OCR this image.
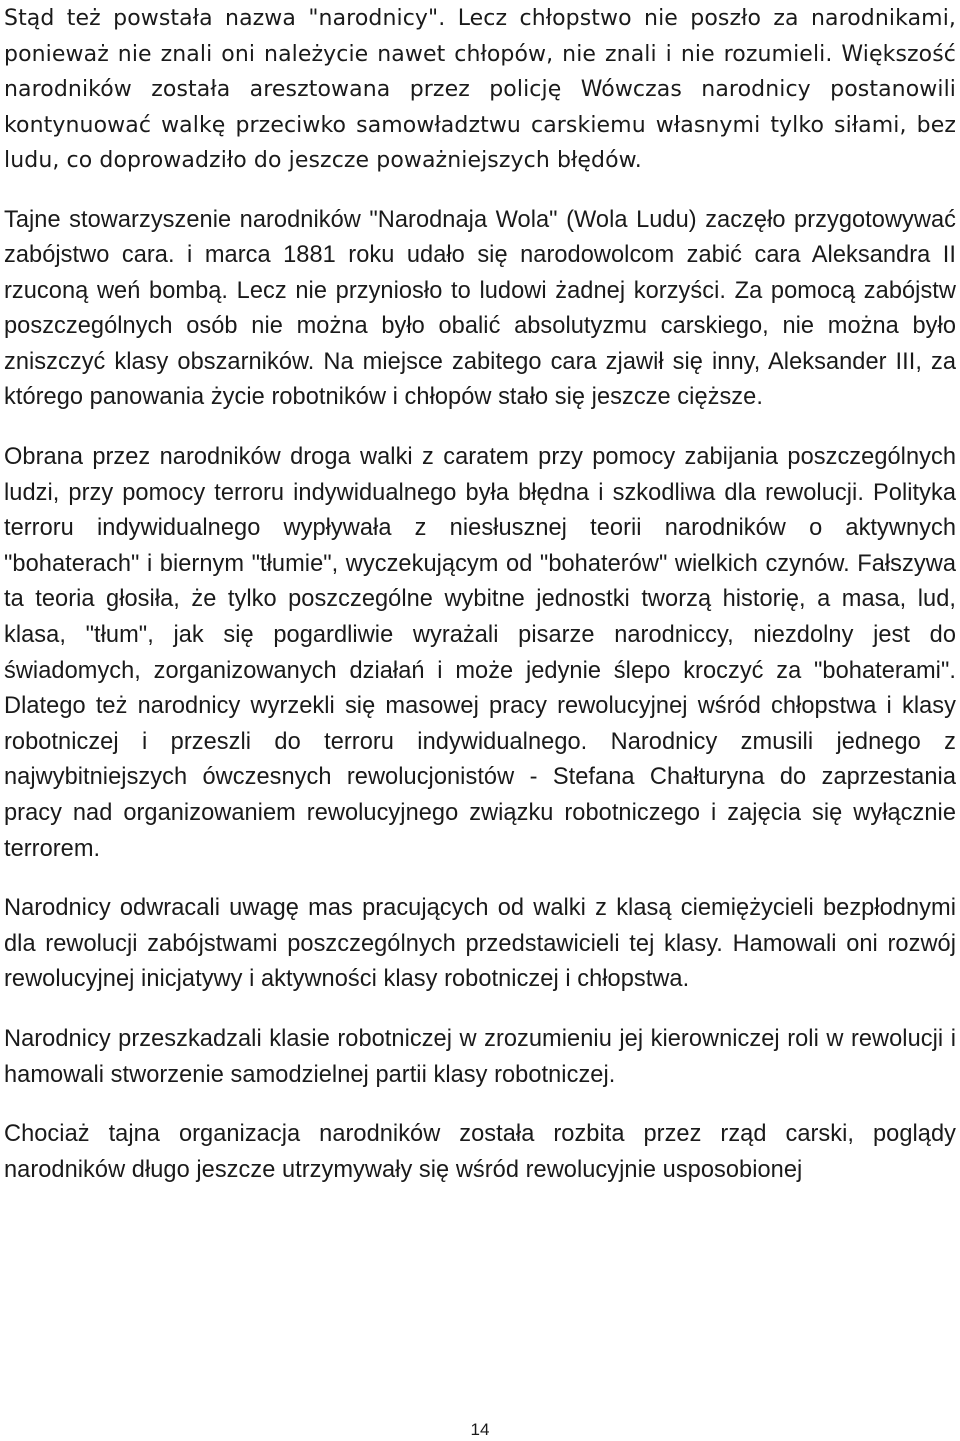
Stąd też powstała nazwa "narodnicy". Lecz chłopstwo nie poszło za narodnikami, ponieważ nie znali oni należycie nawet chłopów, nie znali i nie rozumieli. Większość narodników została aresztowana przez policję Wówczas narodnicy postanowili kontynuować walkę przeciwko samowładztwu carskiemu własnymi tylko siłami, bez ludu, co doprowadziło do jeszcze poważniejszych błędów.

Tajne stowarzyszenie narodników "Narodnaja Wola" (Wola Ludu) zaczęło przygotowywać zabójstwo cara. i marca 1881 roku udało się narodowolcom zabić cara Aleksandra II rzuconą weń bombą. Lecz nie przyniosło to ludowi żadnej korzyści. Za pomocą zabójstw poszczególnych osób nie można było obalić absolutyzmu carskiego, nie można było zniszczyć klasy obszarników. Na miejsce zabitego cara zjawił się inny, Aleksander III, za którego panowania życie robotników i chłopów stało się jeszcze cięższe.

Obrana przez narodników droga walki z caratem przy pomocy zabijania poszczególnych ludzi, przy pomocy terroru indywidualnego była błędna i szkodliwa dla rewolucji. Polityka terroru indywidualnego wypływała z niesłusznej teorii narodników o aktywnych "bohaterach" i biernym "tłumie", wyczekującym od "bohaterów" wielkich czynów. Fałszywa ta teoria głosiła, że tylko poszczególne wybitne jednostki tworzą historię, a masa, lud, klasa, "tłum", jak się pogardliwie wyrażali pisarze narodniccy, niezdolny jest do świadomych, zorganizowanych działań i może jedynie ślepo kroczyć za "bohaterami". Dlatego też narodnicy wyrzekli się masowej pracy rewolucyjnej wśród chłopstwa i klasy robotniczej i przeszli do terroru indywidualnego. Narodnicy zmusili jednego z najwybitniejszych ówczesnych rewolucjonistów - Stefana Chałturyna do zaprzestania pracy nad organizowaniem rewolucyjnego związku robotniczego i zajęcia się wyłącznie terrorem.

Narodnicy odwracali uwagę mas pracujących od walki z klasą ciemiężycieli bezpłodnymi dla rewolucji zabójstwami poszczególnych przedstawicieli tej klasy. Hamowali oni rozwój rewolucyjnej inicjatywy i aktywności klasy robotniczej i chłopstwa.

Narodnicy przeszkadzali klasie robotniczej w zrozumieniu jej kierowniczej roli w rewolucji i hamowali stworzenie samodzielnej partii klasy robotniczej.

Chociaż tajna organizacja narodników została rozbita przez rząd carski, poglądy narodników długo jeszcze utrzymywały się wśród rewolucyjnie usposobionej

14
